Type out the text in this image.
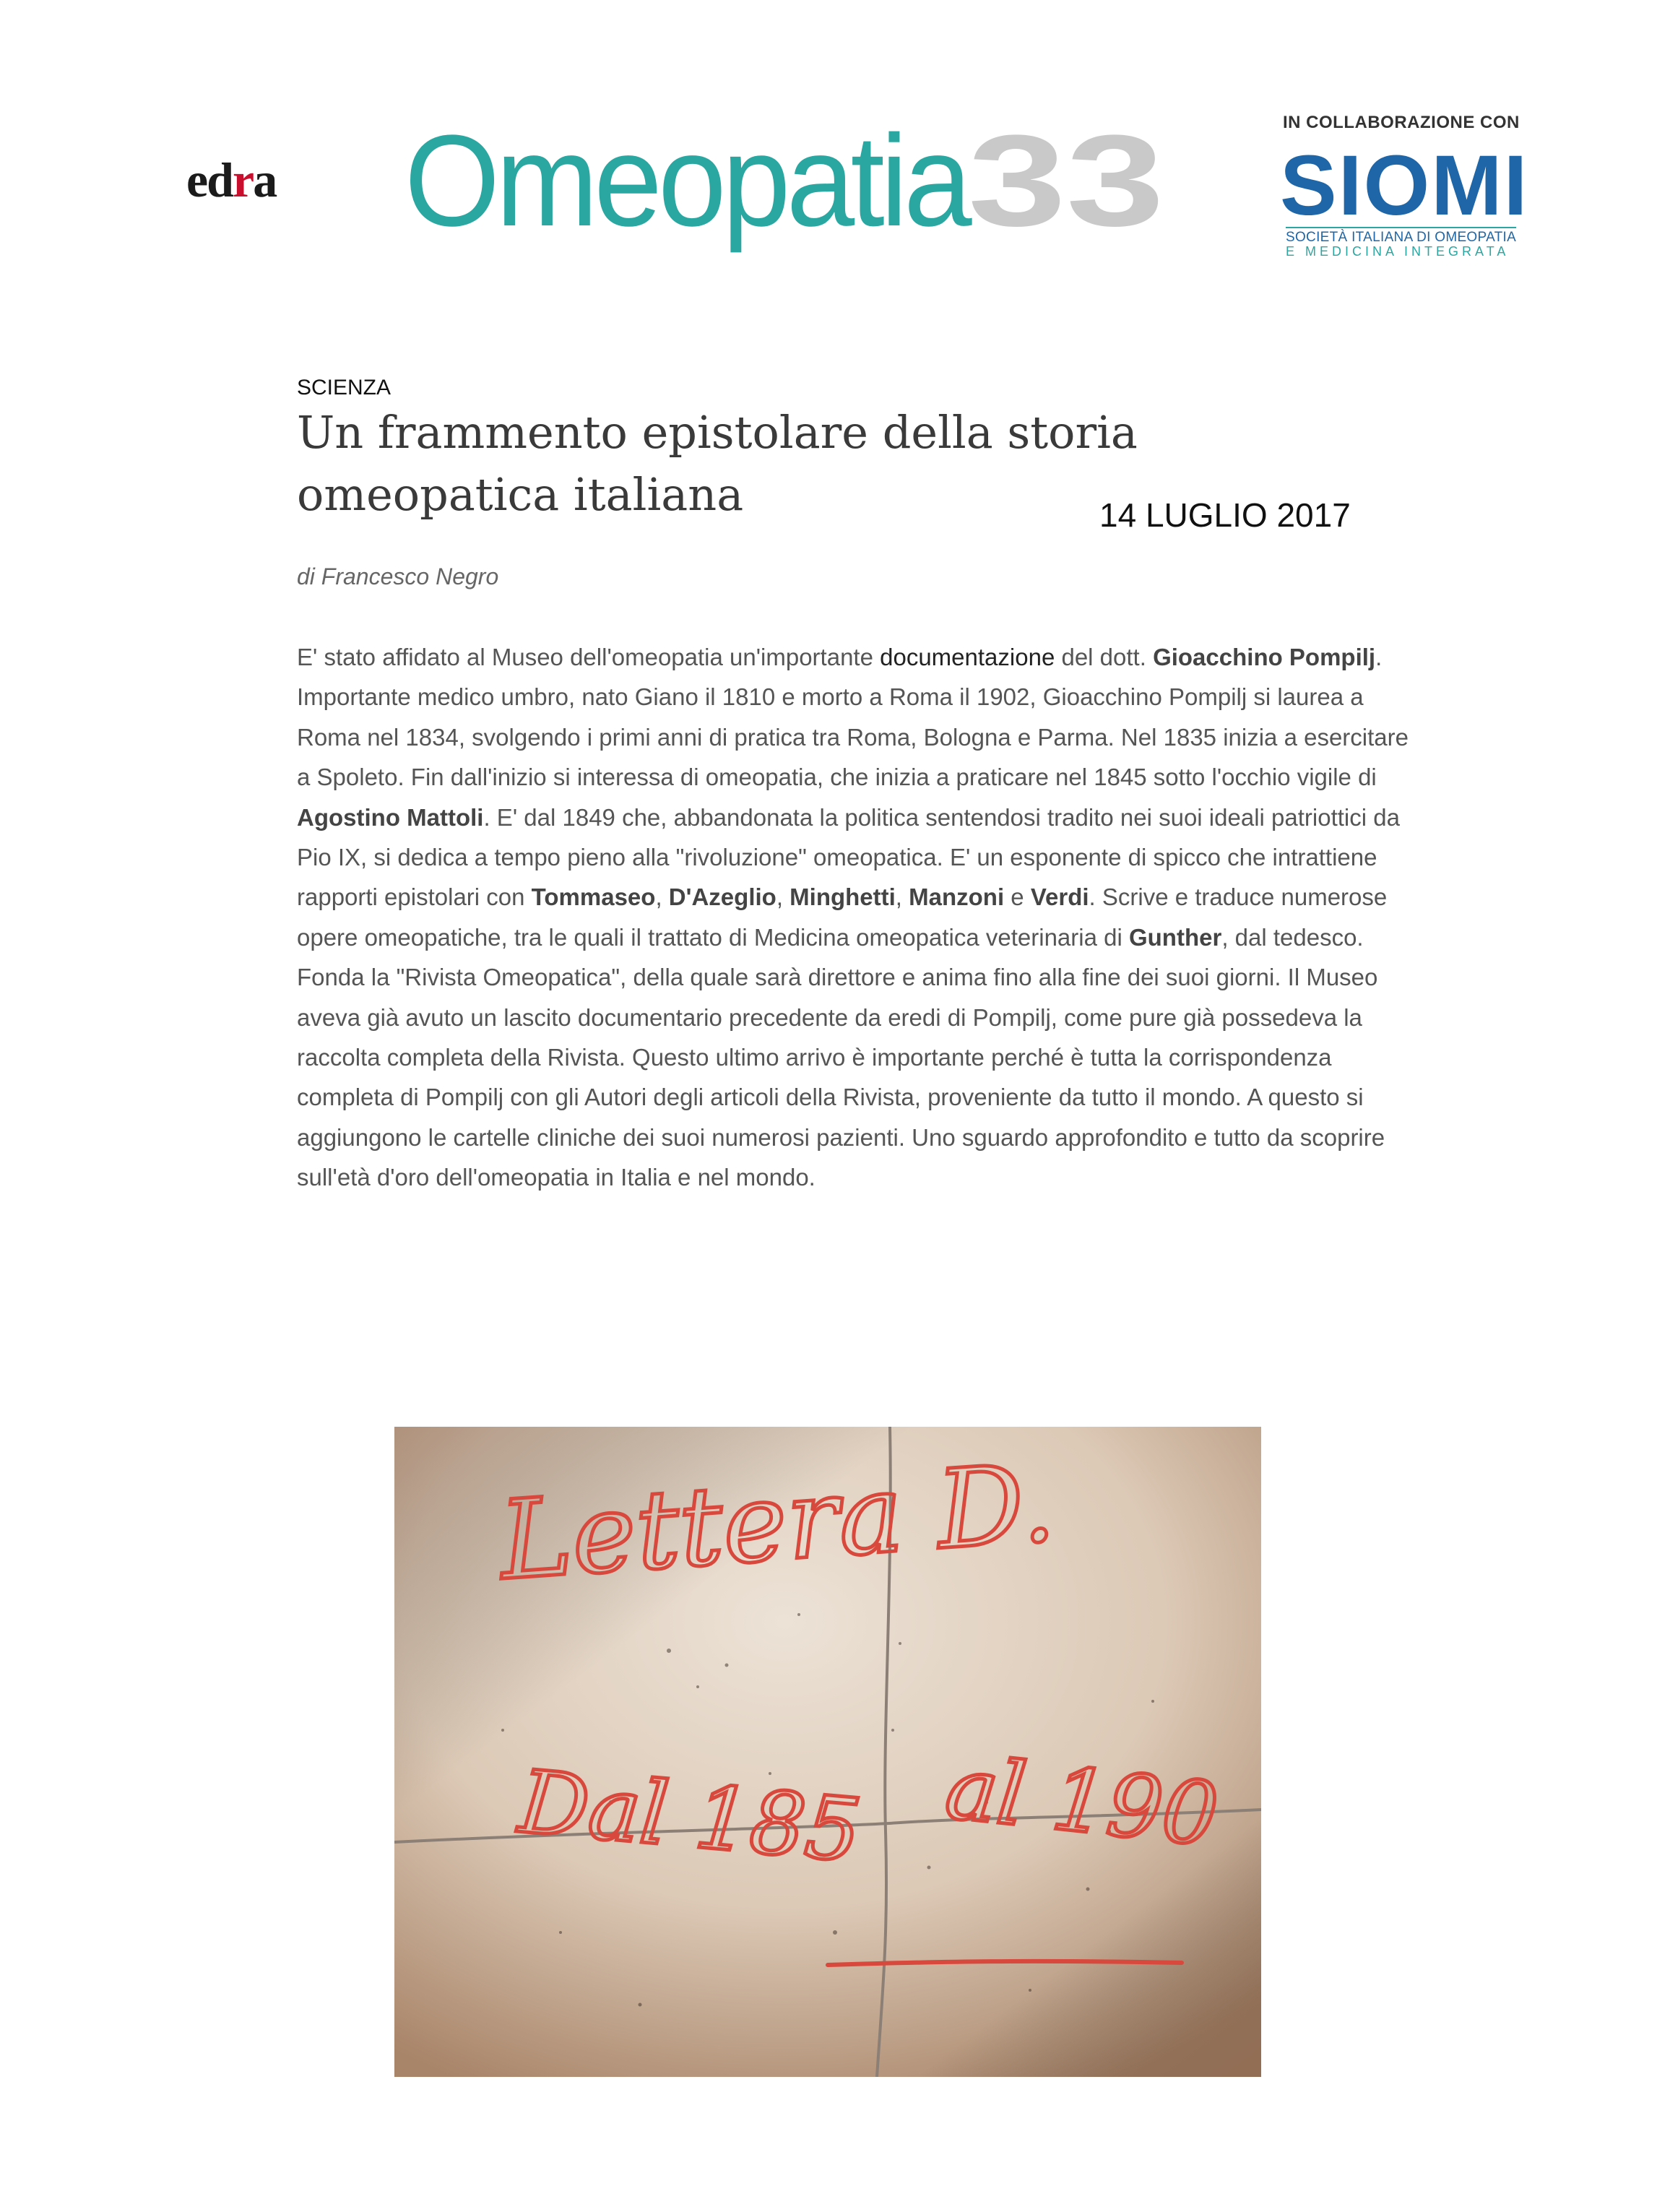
edra Omeopatia
33	IN COLLABORAZIONE CON
SIOMI
SOCIETÀ ITALIANA DI OMEOPATIA
E MEDICINA INTEGRATA
SCIENZA
Un frammento epistolare della storia
omeopatica italiana	14 LUGLIO 2017
di Francesco Negro
E' stato affidato al Museo dell'omeopatia un'importante documentazione del dott. Gioacchino Pompilj. Importante medico umbro, nato Giano il 1810 e morto a Roma il 1902, Gioacchino Pompilj si laurea a Roma nel 1834, svolgendo i primi anni di pratica tra Roma, Bologna e Parma. Nel 1835 inizia a esercitare a Spoleto. Fin dall'inizio si interessa di omeopatia, che inizia a praticare nel 1845 sotto l'occhio vigile di Agostino Mattoli. E' dal 1849 che, abbandonata la politica sentendosi tradito nei suoi ideali patriottici da Pio IX, si dedica a tempo pieno alla "rivoluzione" omeopatica. E' un esponente di spicco che intrattiene rapporti epistolari con Tommaseo, D'Azeglio, Minghetti, Manzoni e Verdi. Scrive e traduce numerose opere omeopatiche, tra le quali il trattato di Medicina omeopatica veterinaria di Gunther, dal tedesco. Fonda la "Rivista Omeopatica", della quale sarà direttore e anima fino alla fine dei suoi giorni. Il Museo aveva già avuto un lascito documentario precedente da eredi di Pompilj, come pure già possedeva la raccolta completa della Rivista. Questo ultimo arrivo è importante perché è tutta la corrispondenza completa di Pompilj con gli Autori degli articoli della Rivista, proveniente da tutto il mondo. A questo si aggiungono le cartelle cliniche dei suoi numerosi pazienti. Uno sguardo approfondito e tutto da scoprire sull'età d'oro dell'omeopatia in Italia e nel mondo.
Lettera D.
Dal 185 al 190
